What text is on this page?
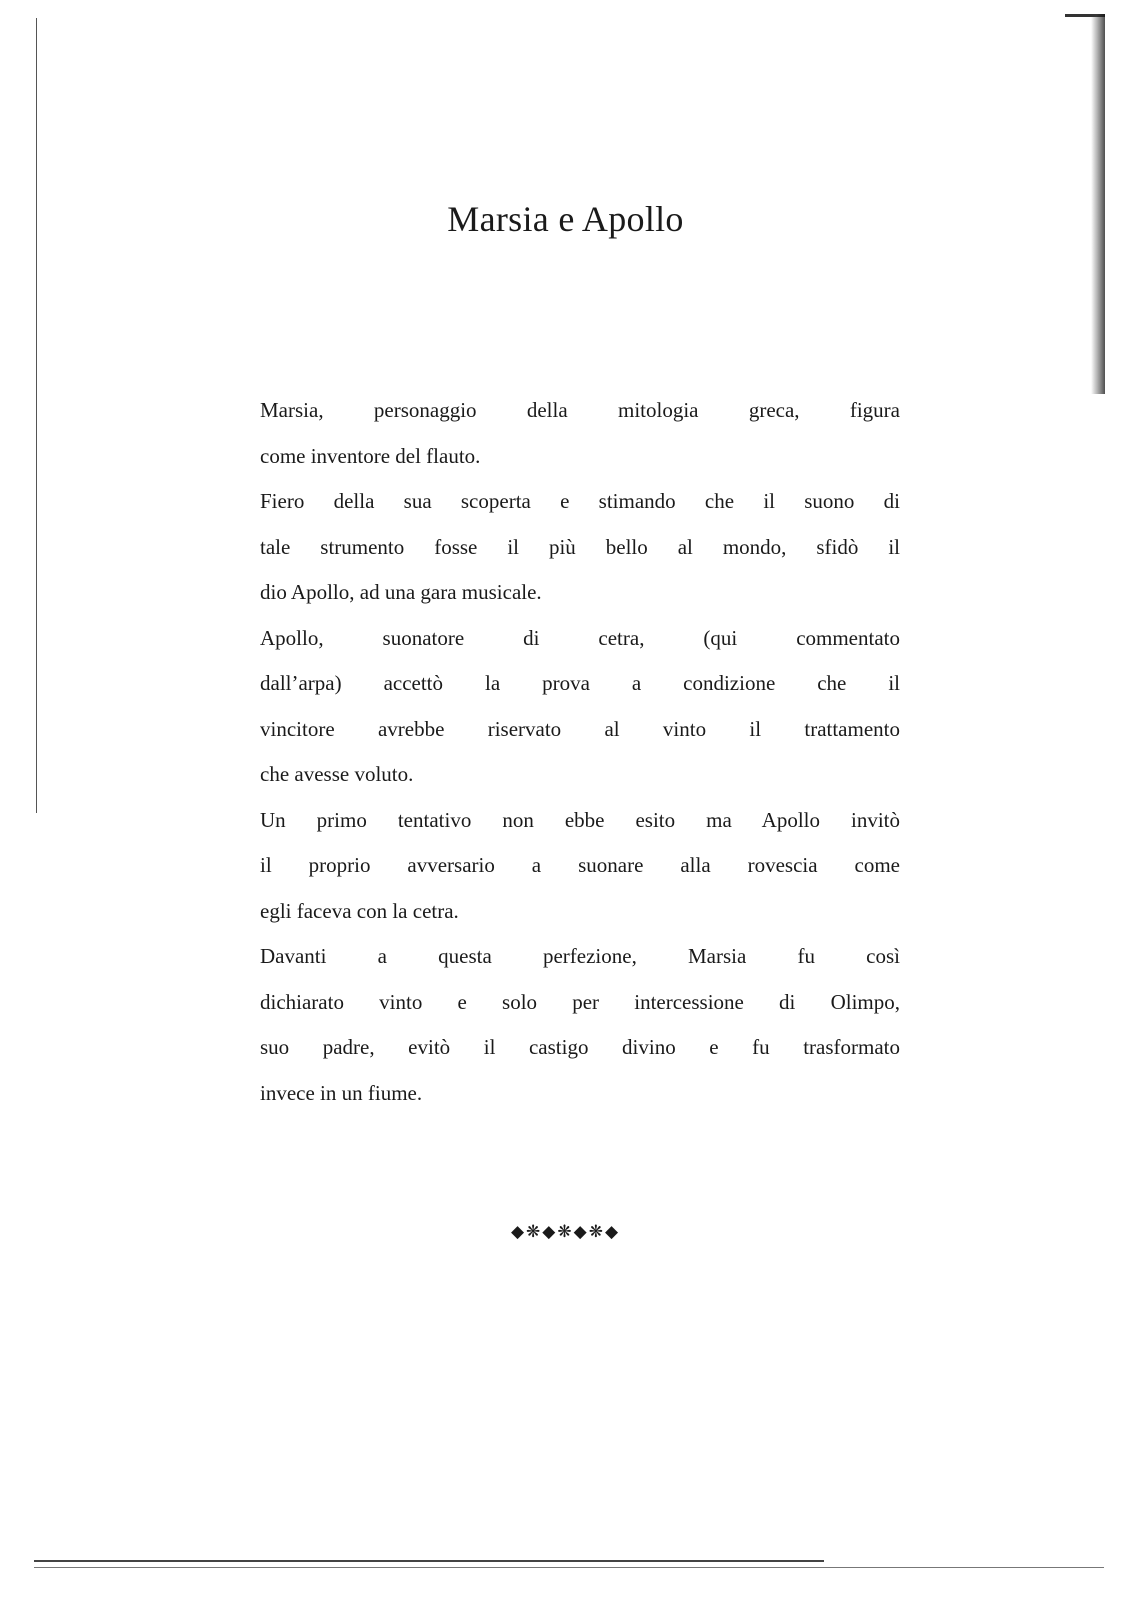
Marsia e Apollo
Marsia, personaggio della mitologia greca, figura
come inventore del flauto.
Fiero della sua scoperta e stimando che il suono di
tale strumento fosse il più bello al mondo, sfidò il
dio Apollo, ad una gara musicale.
Apollo, suonatore di cetra, (qui commentato
dall’arpa) accettò la prova a condizione che il
vincitore avrebbe riservato al vinto il trattamento
che avesse voluto.
Un primo tentativo non ebbe esito ma Apollo invitò
il proprio avversario a suonare alla rovescia come
egli faceva con la cetra.
Davanti a questa perfezione, Marsia fu così
dichiarato vinto e solo per intercessione di Olimpo,
suo padre, evitò il castigo divino e fu trasformato
invece in un fiume.
◆❋◆❋◆❋◆
